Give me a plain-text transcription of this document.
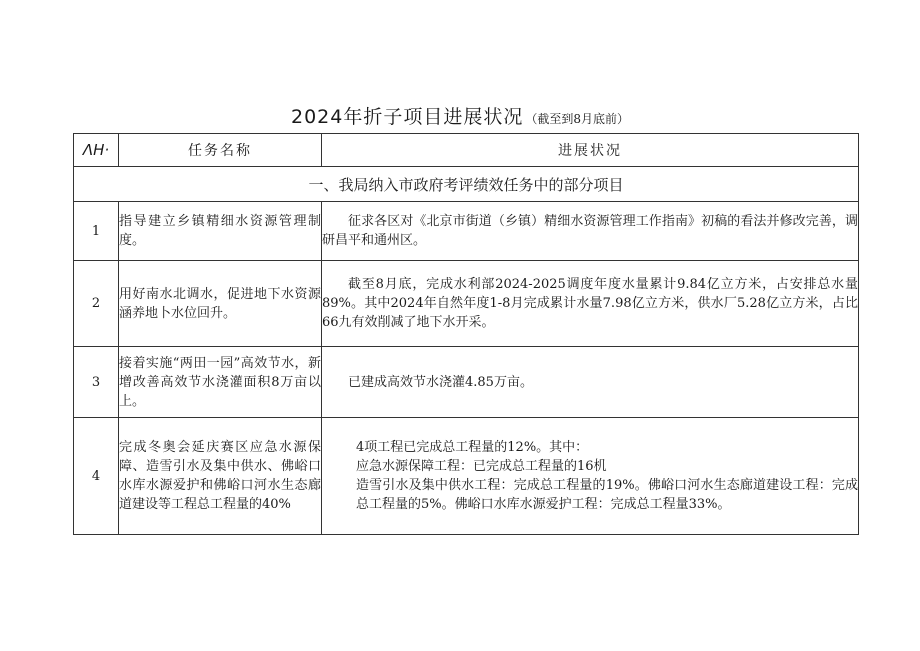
2024年折子项目进展状况 （截至到8月底前）
ΛΗ·	任务名称	进展状况
一、我局纳入市政府考评绩效任务中的部分项目		
1	指导建立乡镇精细水资源管理制度。	征求各区对《北京市街道（乡镇）精细水资源管理工作指南》初稿的看法并修改完善，调研昌平和通州区。

2	用好南水北调水，促进地下水资源涵养地卜水位回升。	截至8月底，完成水利部2024-2025调度年度水量累计9.84亿立方米，占安排总水量89%。其中2024年自然年度1-8月完成累计水量7.98亿立方米，供水厂5.28亿立方米，占比66九有效削减了地下水开采。

3	接着实施“两田一园”高效节水，新增改善高效节水浇灌面积8万亩以上。	已建成高效节水浇灌4.85万亩。

4	完成冬奥会延庆赛区应急水源保障、造雪引水及集中供水、佛峪口水库水源爱护和佛峪口河水生态廊道建设等工程总工程量的40%	4项工程已完成总工程量的12%。其中：
应急水源保障工程：已完成总工程量的16机
造雪引水及集中供水工程：完成总工程量的19%。佛峪口河水生态廊道建设工程：完成总工程量的5%。佛峪口水库水源爱护工程：完成总工程量33%。
